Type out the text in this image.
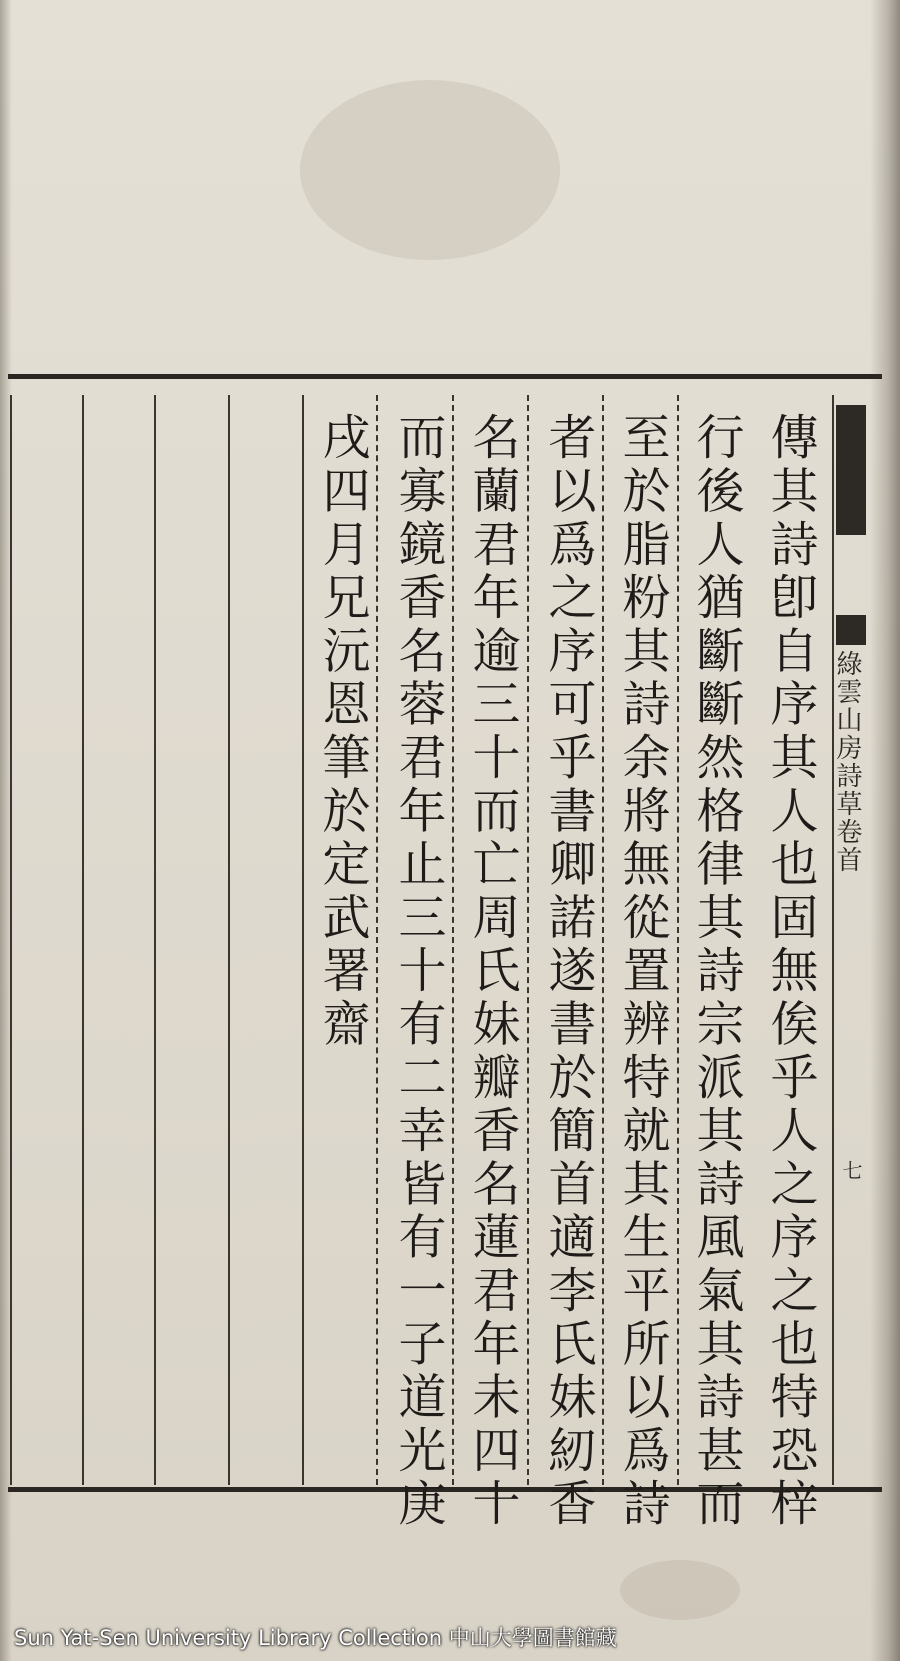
綠雲山房詩草卷首
七
傳其詩卽自序其人也固無俟乎人之序之也特恐梓
行後人猶斷斷然格律其詩宗派其詩風氣其詩甚而
至於脂粉其詩余將無從置辨特就其生平所以爲詩
者以爲之序可乎書卿諾遂書於簡首適李氏妹紉香
名蘭君年逾三十而亡周氏妹瓣香名蓮君年未四十
而寡鏡香名蓉君年止三十有二幸皆有一子道光庚
戌四月兄沅恩筆於定武署齋
Sun Yat-Sen University Library Collection 中山大學圖書館藏
